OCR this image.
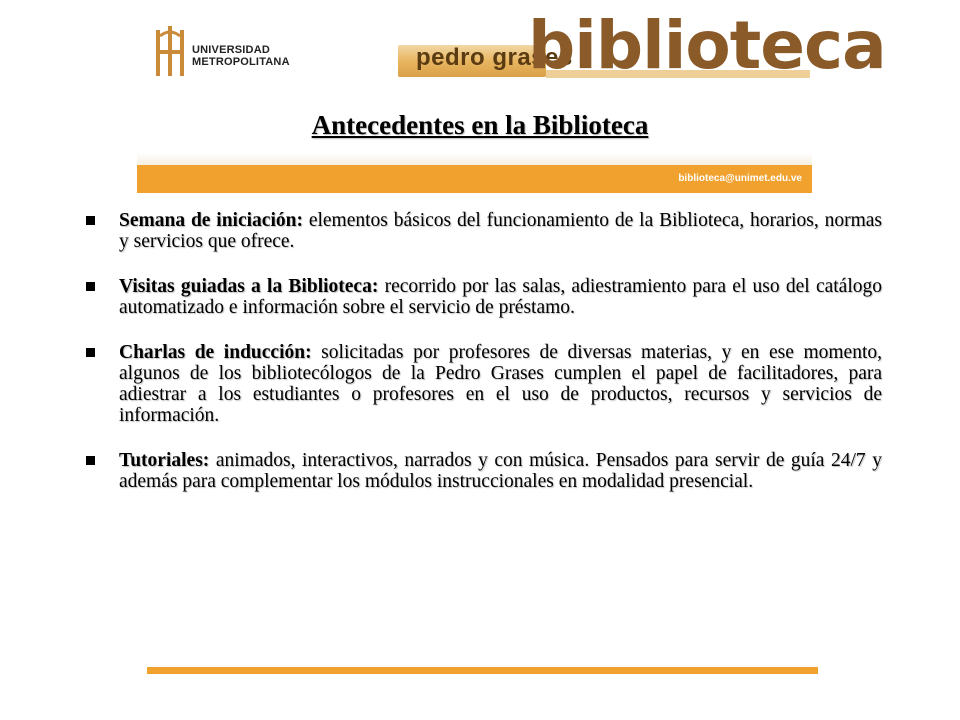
UNIVERSIDAD
METROPOLITANA	pedro grases
biblioteca
Antecedentes en la Biblioteca
biblioteca@unimet.edu.ve
Semana de iniciación: elementos básicos del funcionamiento de la Biblioteca, horarios, normas y servicios que ofrece.
Visitas guiadas a la Biblioteca: recorrido por las salas, adiestramiento para el uso del catálogo automatizado e información sobre el servicio de préstamo.
Charlas de inducción: solicitadas por profesores de diversas materias, y en ese momento, algunos de los bibliotecólogos de la Pedro Grases cumplen el papel de facilitadores, para adiestrar a los estudiantes o profesores en el uso de productos, recursos y servicios de información.
Tutoriales: animados, interactivos, narrados y con música. Pensados para servir de guía 24/7 y además para complementar los módulos instruccionales en modalidad presencial.
